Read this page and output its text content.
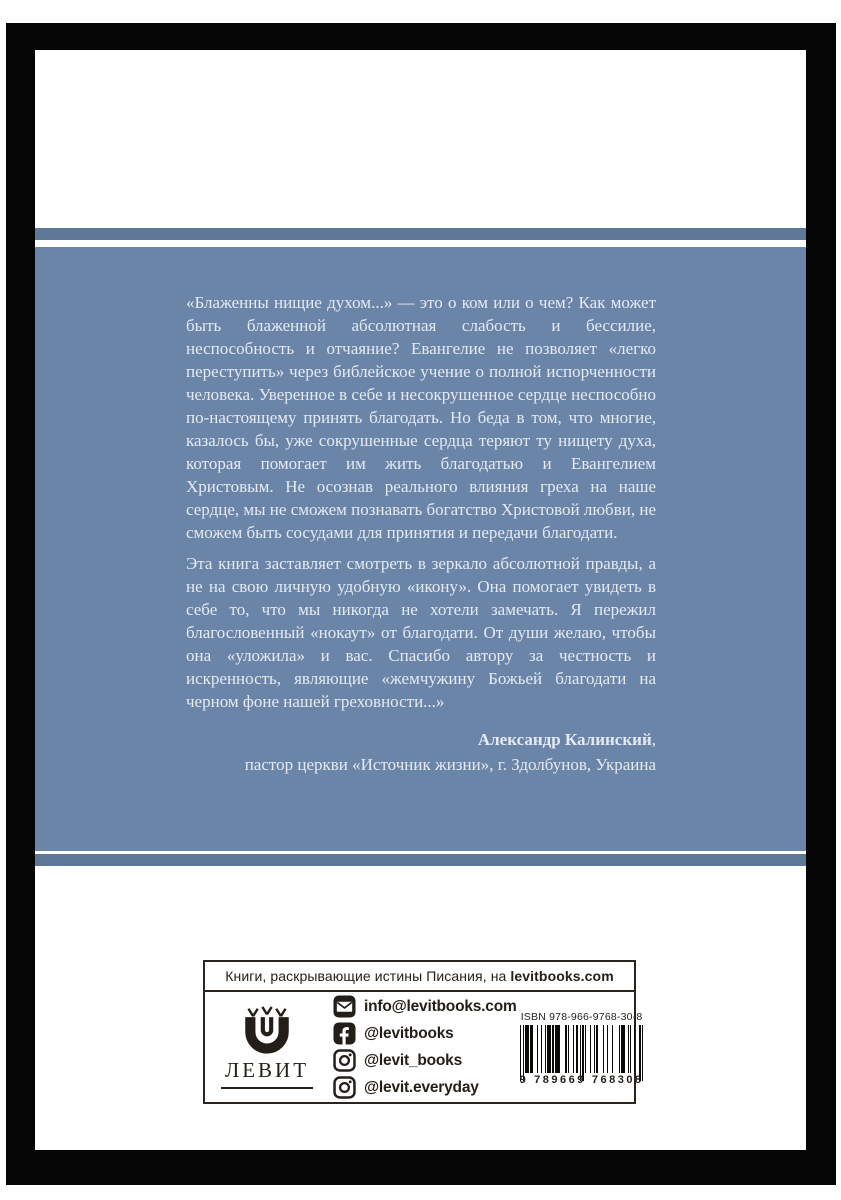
«Блаженны нищие духом...» — это о ком или о чем? Как может быть блаженной абсолютная слабость и бессилие, неспособность и отчаяние? Евангелие не позволяет «легко переступить» через библейское учение о полной испорченности человека. Уверенное в себе и несокрушенное сердце неспособно по-настоящему принять благодать. Но беда в том, что многие, казалось бы, уже сокрушенные сердца теряют ту нищету духа, которая помогает им жить благодатью и Евангелием Христовым. Не осознав реального влияния греха на наше сердце, мы не сможем познавать богатство Христовой любви, не сможем быть сосудами для принятия и передачи благодати.

Эта книга заставляет смотреть в зеркало абсолютной правды, а не на свою личную удобную «икону». Она помогает увидеть в себе то, что мы никогда не хотели замечать. Я пережил благословенный «нокаут» от благодати. От души желаю, чтобы она «уложила» и вас. Спасибо автору за честность и искренность, являющие «жемчужину Божьей благодати на черном фоне нашей греховности...»

Александр Калинский,
пастор церкви «Источник жизни», г. Здолбунов, Украина
Книги, раскрывающие истины Писания, на levitbooks.com
ЛЕВИТ
info@levitbooks.com
@levitbooks
@levit_books
@levit.everyday
ISBN 978-966-9768-30-8
9 789669 768308
